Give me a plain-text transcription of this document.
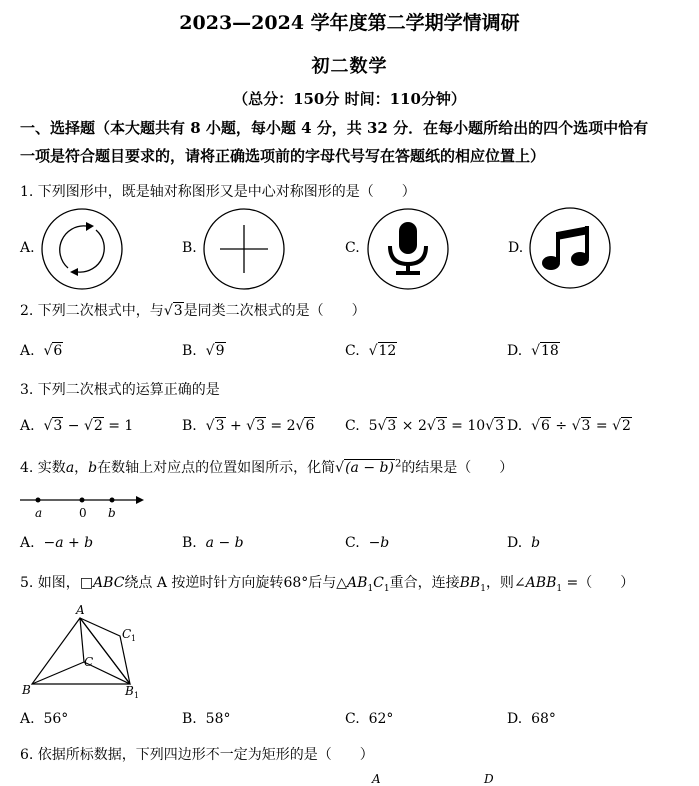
2023—2024 学年度第二学期学情调研
初二数学
（总分：150分 时间：110分钟）
一、选择题（本大题共有 8 小题，每小题 4 分，共 32 分．在每小题所给出的四个选项中恰有
一项是符合题目要求的，请将正确选项前的字母代号写在答题纸的相应位置上）
1. 下列图形中，既是轴对称图形又是中心对称图形的是（　　）
A.	B.	C.	D.
2. 下列二次根式中，与√3是同类二次根式的是（　　）
A. √6	B. √9	C. √12	D. √18
3. 下列二次根式的运算正确的是
A. √3 − √2 = 1	B. √3 + √3 = 2√6 C. 5√3 × 2√3 = 10√3 D. √6 ÷ √3 = √2
4. 实数a，b在数轴上对应点的位置如图所示，化简$√(a - b)^2$的结果是（　　）
a	0 b
A. −a + b	B. a − b	C. −b	D. b
5. 如图，□ABC绕点 A 按逆时针方向旋转68°后与$\triangle AB_1C_1$重合，连接$BB_1$，则$\angle ABB_1$ =（　　）
A
B
C
C 1
B 1
A. 56°	B. 58°	C. 62°	D. 68°
6. 依据所标数据，下列四边形不一定为矩形的是（　　）
A	D
